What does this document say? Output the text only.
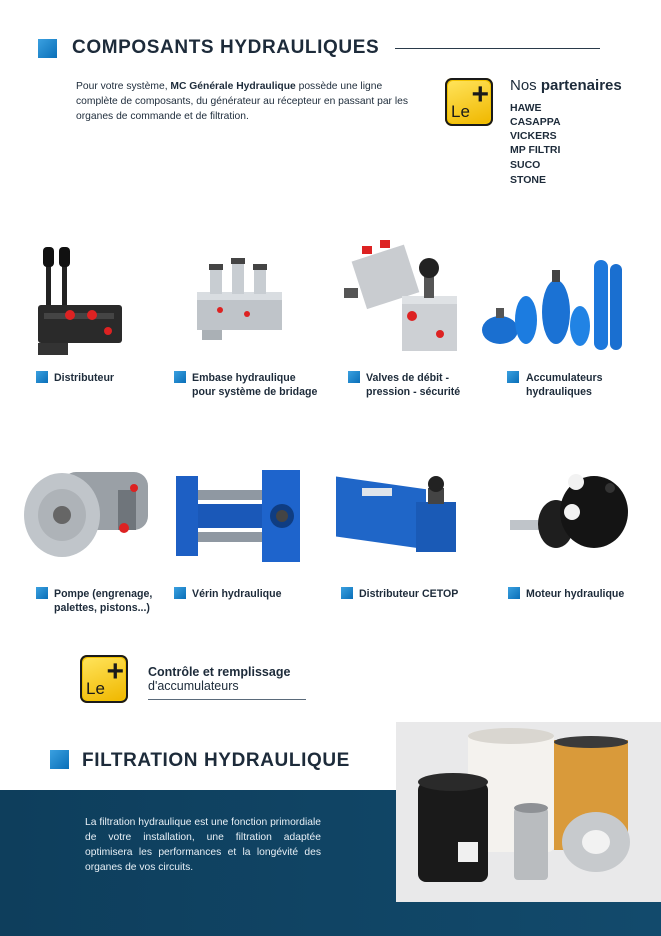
COMPOSANTS HYDRAULIQUES
Pour votre système, MC Générale Hydraulique possède une ligne complète de composants, du générateur au récepteur en passant par les organes de commande et de filtration.	Le
+ Nos partenaires
HAWE
CASAPPA
VICKERS
MP FILTRI
SUCO
STONE
Distributeur	Embase hydraulique
pour système de bridage
Valves de débit -
pression - sécurité
Accumulateurs
hydrauliques
Pompe (engrenage,
palettes, pistons...)
Vérin hydraulique	Distributeur CETOP	Moteur hydraulique
Le
+ Contrôle et remplissage
d'accumulateurs
FILTRATION HYDRAULIQUE
La filtration hydraulique est une fonction primordiale de votre installation, une filtration adaptée optimisera les performances et la longévité des organes de vos circuits.
